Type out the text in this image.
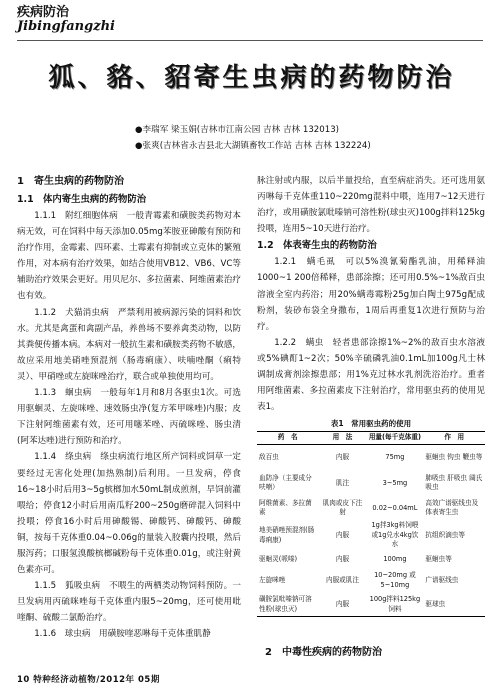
疾病防治
Jibingfangzhi
狐、貉、貂寄生虫病的药物防治
●李瑞军 梁玉娟(吉林市江南公园 吉林 吉林 132013)
●张爽(吉林省永吉县北大湖镇畜牧工作站 吉林 吉林 132224)
1　寄生虫病的药物防治
1.1　体内寄生虫病的药物防治

1.1.1　附红细胞体病　一般青霉素和磺胺类药物对本病无效，可在饲料中每天添加0.05mg苯胺亚砷酸有预防和治疗作用，金霉素、四环素、土霉素有抑制或立克体的繁殖作用，对本病有治疗效果，如结合使用VB12、VB6、VC等辅助治疗效果会更好。用贝尼尔、多拉菌素、阿维菌素治疗也有效。

1.1.2　犬猫消虫病　严禁利用被病源污染的饲料和饮水。尤其是禽蛋和禽副产品，养兽场不要养禽类动物，以防其粪便传播本病。本病对一般抗生素和磺胺类药物不敏感，故应采用地美硝唑预混剂（肠毒痢康）、呋喃唑酮（痢特灵）、甲硝唑或左旋咪唑治疗，联合或单独使用均可。

1.1.3　蛔虫病　一般每年1月和8月各驱虫1次。可选用驱蛔灵、左旋咪唑、速效肠虫净(复方苯甲咪唑)内服；皮下注射阿维菌素有效，还可用噻苯唑、丙硫咪唑、肠虫清(阿苯达唑)进行预防和治疗。

1.1.4　绦虫病　绦虫病流行地区所产饲料或饲草一定要经过无害化处理(加热熟制)后利用。一旦发病，停食16~18小时后用3~5g槟榔加水50mL制成煎剂，早饲前灌喂给；停食12小时后用南瓜籽200~250g磨碎混入饲料中投喂；停食16小时后用砷酸锡、砷酸钙、砷酸钙、砷酸铜，按每千克体重0.04~0.06g的量装入胶囊内投喂，然后服泻药；口服氢溴酸槟榔碱粉每千克体重0.01g，或注射黄色素亦可。

1.1.5　狐吸虫病　不喂生的两栖类动物饲料预防。一旦发病用丙硫咪唑每千克体重内服5~20mg，还可使用吡喹酮、硫酸二氯酚治疗。

1.1.6　球虫病　用磺胺喹恶啉每千克体重肌静

脉注射或内服，以后半量投给，直至病症消失。还可选用氨丙啉每千克体重110~220mg混料中喂，连用7~12天进行治疗，或用磺胺氯吡嗪钠可溶性粉(球虫灭)100g拌料125kg投喂，连用5~10天进行治疗。

1.2　体表寄生虫的药物防治

1.2.1　螨毛虱　可以5%溴氰菊酯乳油，用稀释油1000~1 200倍稀释，患部涂擦；还可用0.5%~1%敌百虫溶液全室内药浴；用20%螨毒霉粉25g加白陶土975g配成粉剂，装砂布袋全身撒布，1周后再重复1次进行预防与治疗。

1.2.2　螨虫　轻者患部涂擦1%~2%的敌百虫水溶液或5%碘酊1~2次；50%辛硫磷乳油0.1mL加100g凡士林调制成膏剂涂擦患部；用1%克过林水乳剂洗浴治疗。重者用阿维菌素、多拉菌素皮下注射治疗，常用驱虫药的使用见表1。

表1　常用驱虫药的使用
药　名	用　法	用量(每千克体重)	作　用
敌百虫	内服	75mg	驱蛔虫 钩虫 鞭虫等
血防净（主要成分呋喃）	肌注	3~5mg	肺吸虫 肝吸虫 阔氏吸虫
阿维菌素、多拉菌素	肌肉或皮下注射	0.02~0.04mL	高效广谱驱线虫及体表寄生虫
地美硝唑预混剂(肠毒痢康)	内服	1g拌3kg料饲喂或1g兑水4kg饮水	抗组织滴虫等
驱蛔灵(哌嗪)	内服	100mg	驱蛔虫等
左旋咪唑	内服或肌注	10~20mg 或 5~10mg	广谱驱线虫
磺胺氯吡嗪钠可溶性粉(球虫灭)	内服	100g拌料125kg饲料	驱球虫
2　中毒性疾病的药物防治
10 特种经济动植物/2012年 05期
